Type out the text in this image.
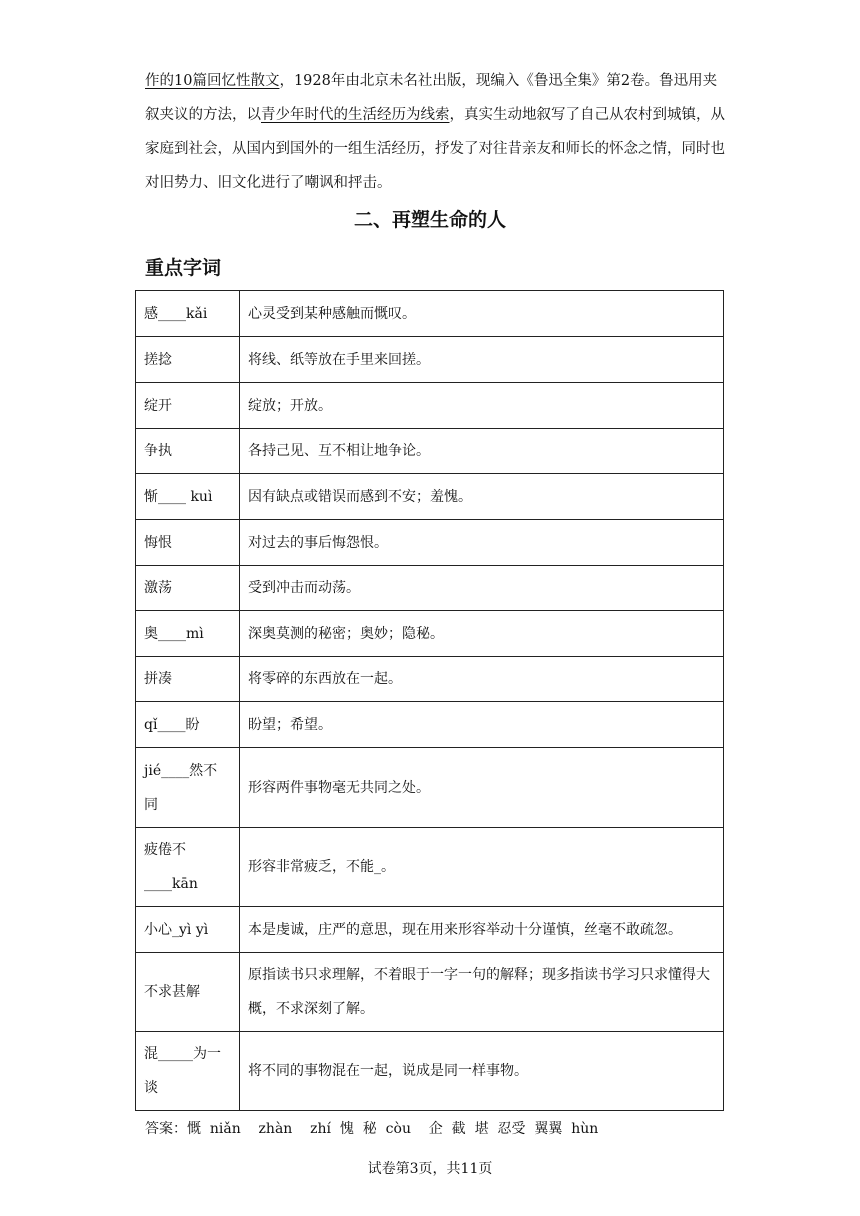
作的10篇回忆性散文，1928年由北京未名社出版，现编入《鲁迅全集》第2卷。鲁迅用夹叙夹议的方法，以青少年时代的生活经历为线索，真实生动地叙写了自己从农村到城镇，从家庭到社会，从国内到国外的一组生活经历，抒发了对往昔亲友和师长的怀念之情，同时也对旧势力、旧文化进行了嘲讽和抨击。

二、再塑生命的人
重点字词
感____kǎi	心灵受到某种感触而慨叹。
搓捻	将线、纸等放在手里来回搓。
绽开	绽放；开放。
争执	各持己见、互不相让地争论。
惭____ kuì	因有缺点或错误而感到不安；羞愧。
悔恨	对过去的事后悔怨恨。
激荡	受到冲击而动荡。
奥____mì	深奥莫测的秘密；奥妙；隐秘。
拼凑	将零碎的东西放在一起。
qǐ____盼	盼望；希望。
jié____然不同	形容两件事物毫无共同之处。
疲倦不____kān	形容非常疲乏，不能_。
小心_yì yì	本是虔诚，庄严的意思，现在用来形容举动十分谨慎，丝毫不敢疏忽。
不求甚解	原指读书只求理解，不着眼于一字一句的解释；现多指读书学习只求懂得大概，不求深刻了解。
混_____为一谈	将不同的事物混在一起，说成是同一样事物。

答案：慨  niǎn    zhàn    zhí  愧  秘  còu    企  截  堪  忍受  翼翼  hùn

试卷第3页，共11页
